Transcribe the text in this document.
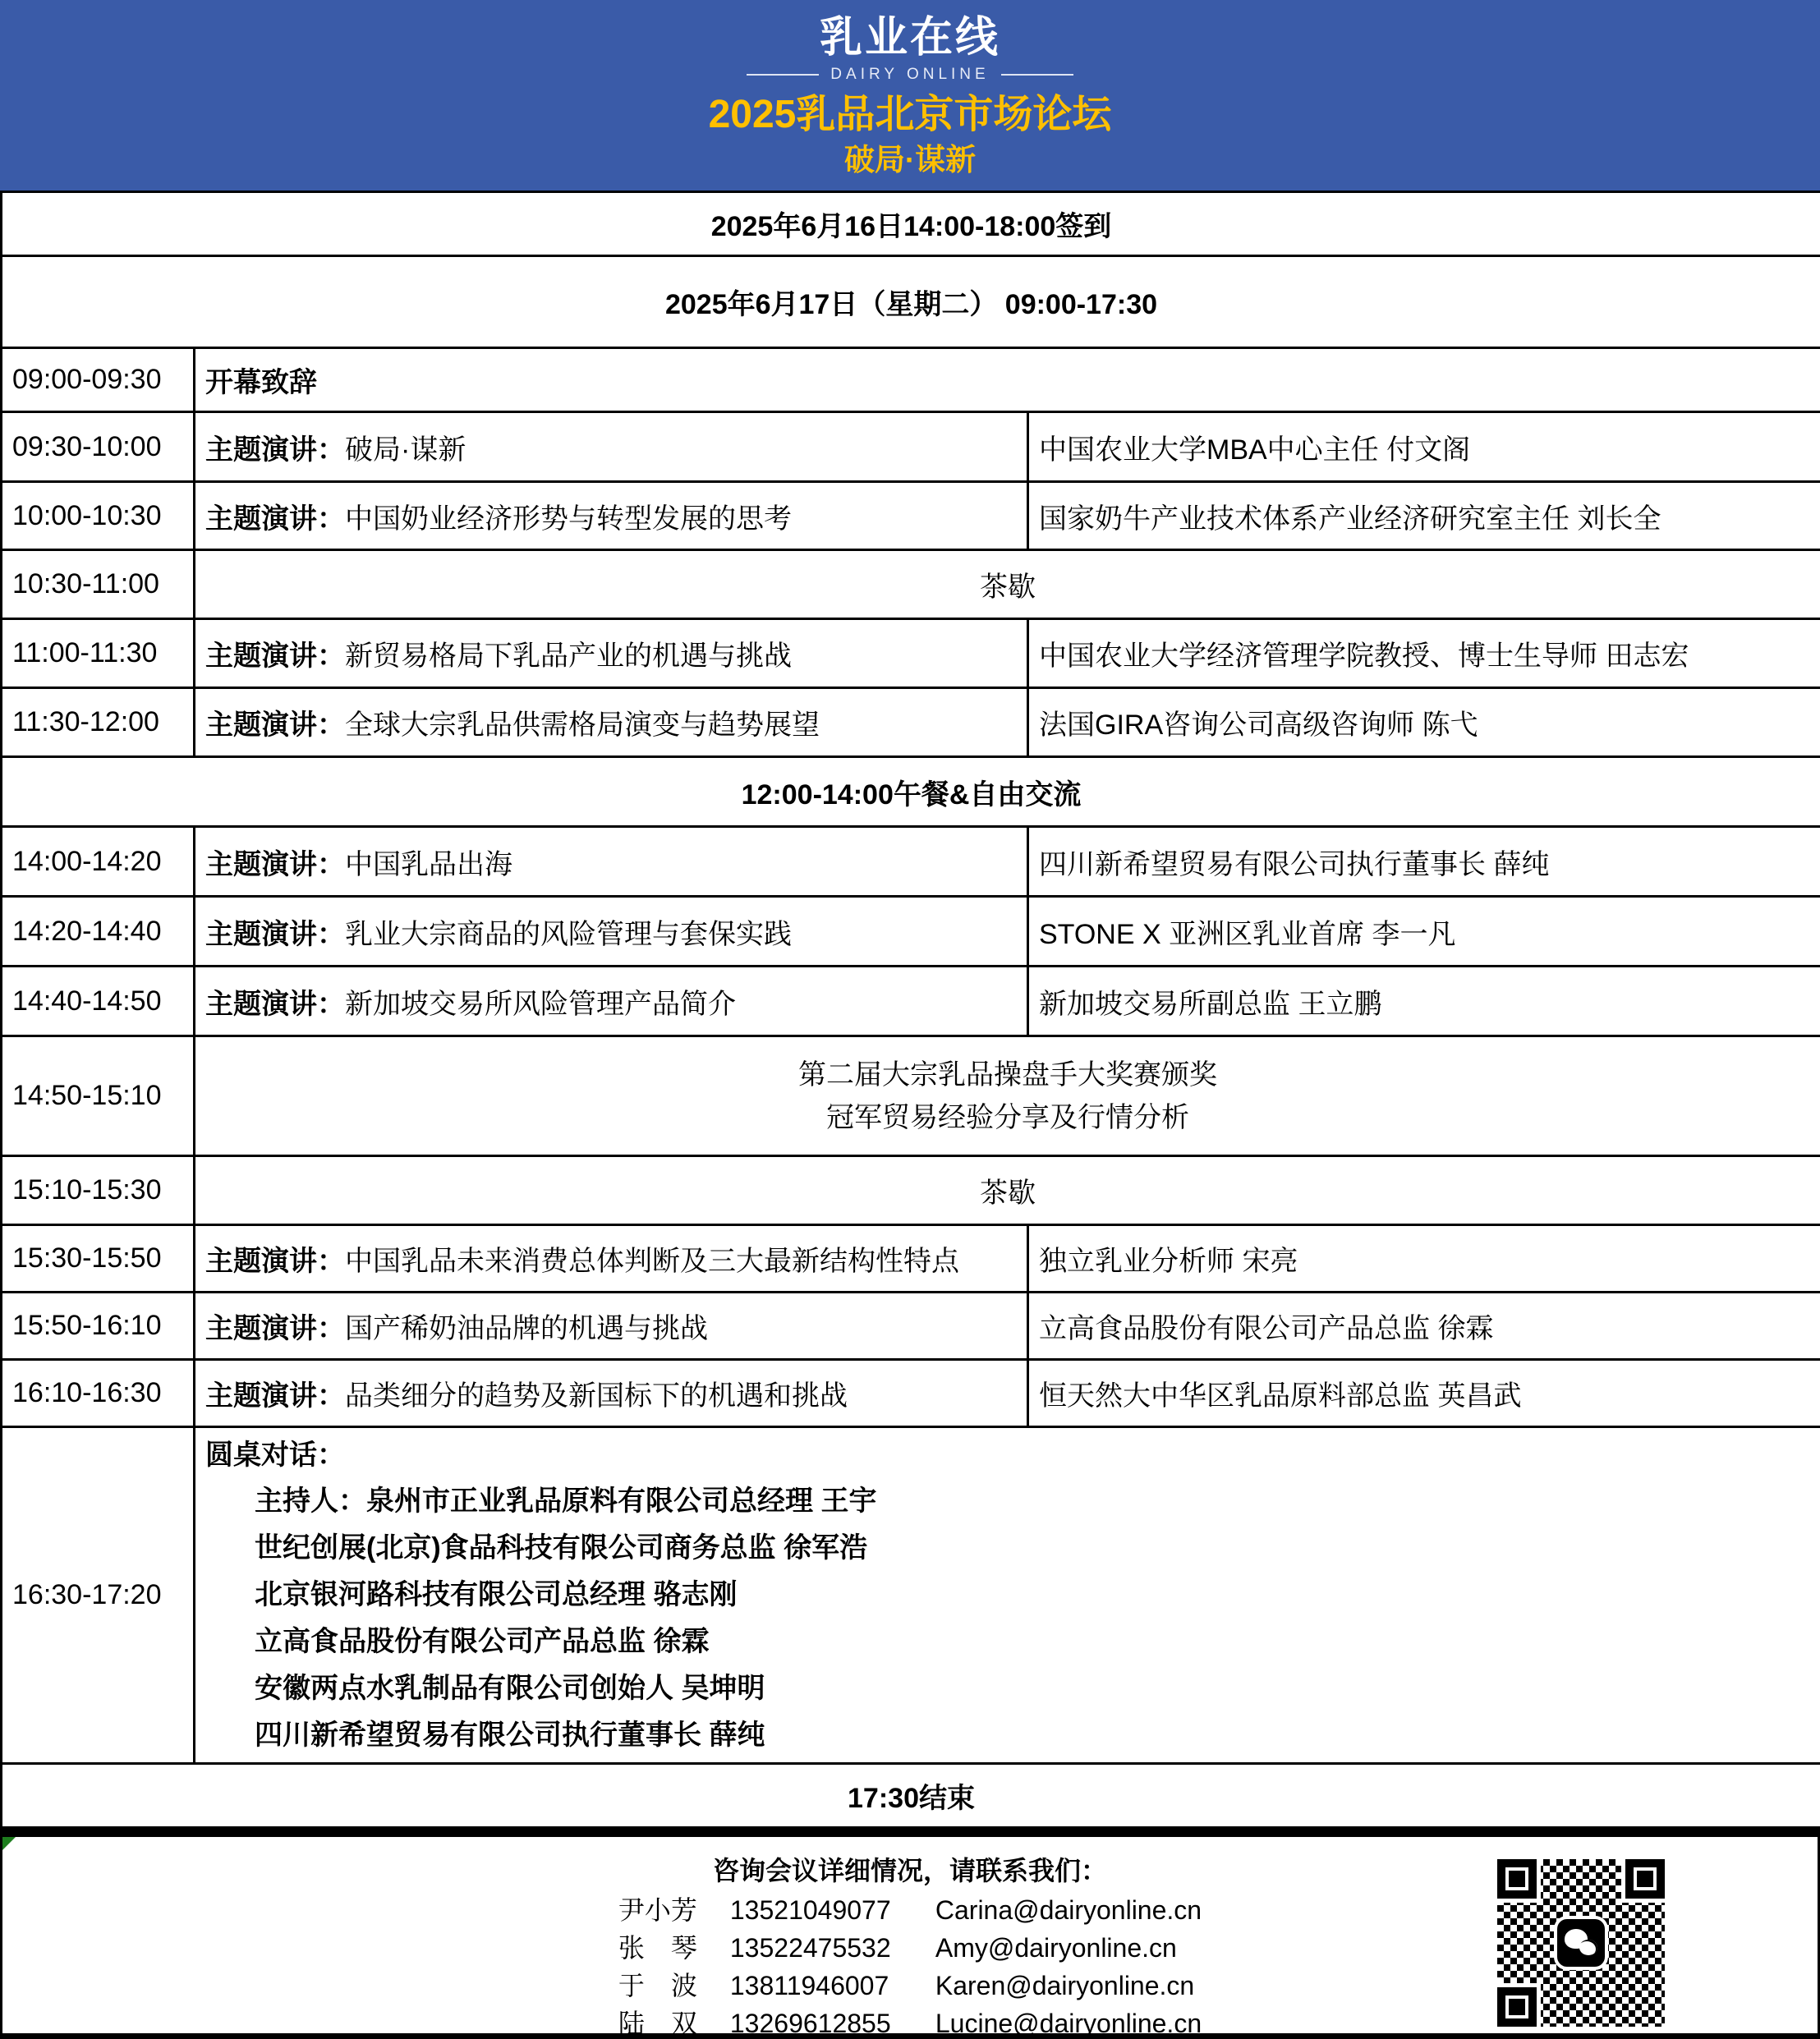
乳业在线
DAIRY ONLINE
2025乳品北京市场论坛
破局·谋新
2025年6月16日14:00-18:00签到		
2025年6月17日（星期二） 09:00-17:30		
09:00-09:30	开幕致辞	
09:30-10:00	主题演讲：破局·谋新	中国农业大学MBA中心主任 付文阁
10:00-10:30	主题演讲：中国奶业经济形势与转型发展的思考	国家奶牛产业技术体系产业经济研究室主任 刘长全
10:30-11:00	茶歇	
11:00-11:30	主题演讲：新贸易格局下乳品产业的机遇与挑战	中国农业大学经济管理学院教授、博士生导师 田志宏
11:30-12:00	主题演讲：全球大宗乳品供需格局演变与趋势展望	法国GIRA咨询公司高级咨询师 陈弋
12:00-14:00午餐&自由交流		
14:00-14:20	主题演讲：中国乳品出海	四川新希望贸易有限公司执行董事长 薛纯
14:20-14:40	主题演讲：乳业大宗商品的风险管理与套保实践	STONE X 亚洲区乳业首席 李一凡
14:40-14:50	主题演讲：新加坡交易所风险管理产品简介	新加坡交易所副总监 王立鹏
14:50-15:10	第二届大宗乳品操盘手大奖赛颁奖
冠军贸易经验分享及行情分析	

15:10-15:30	茶歇	
15:30-15:50	主题演讲：中国乳品未来消费总体判断及三大最新结构性特点	独立乳业分析师 宋亮
15:50-16:10	主题演讲：国产稀奶油品牌的机遇与挑战	立高食品股份有限公司产品总监 徐霖
16:10-16:30	主题演讲：品类细分的趋势及新国标下的机遇和挑战	恒天然大中华区乳品原料部总监 英昌武
16:30-17:20	
圆桌对话：
主持人：泉州市正业乳品原料有限公司总经理 王宇
世纪创展(北京)食品科技有限公司商务总监 徐军浩
北京银河路科技有限公司总经理 骆志刚
立高食品股份有限公司产品总监 徐霖
安徽两点水乳制品有限公司创始人 吴坤明
四川新希望贸易有限公司执行董事长 薛纯

17:30结束		
咨询会议详细情况，请联系我们：
尹小芳	13521049077	Carina@dairyonline.cn
张　琴	13522475532	Amy@dairyonline.cn
于　波	13811946007	Karen@dairyonline.cn
陆　双	13269612855	Lucine@dairyonline.cn
